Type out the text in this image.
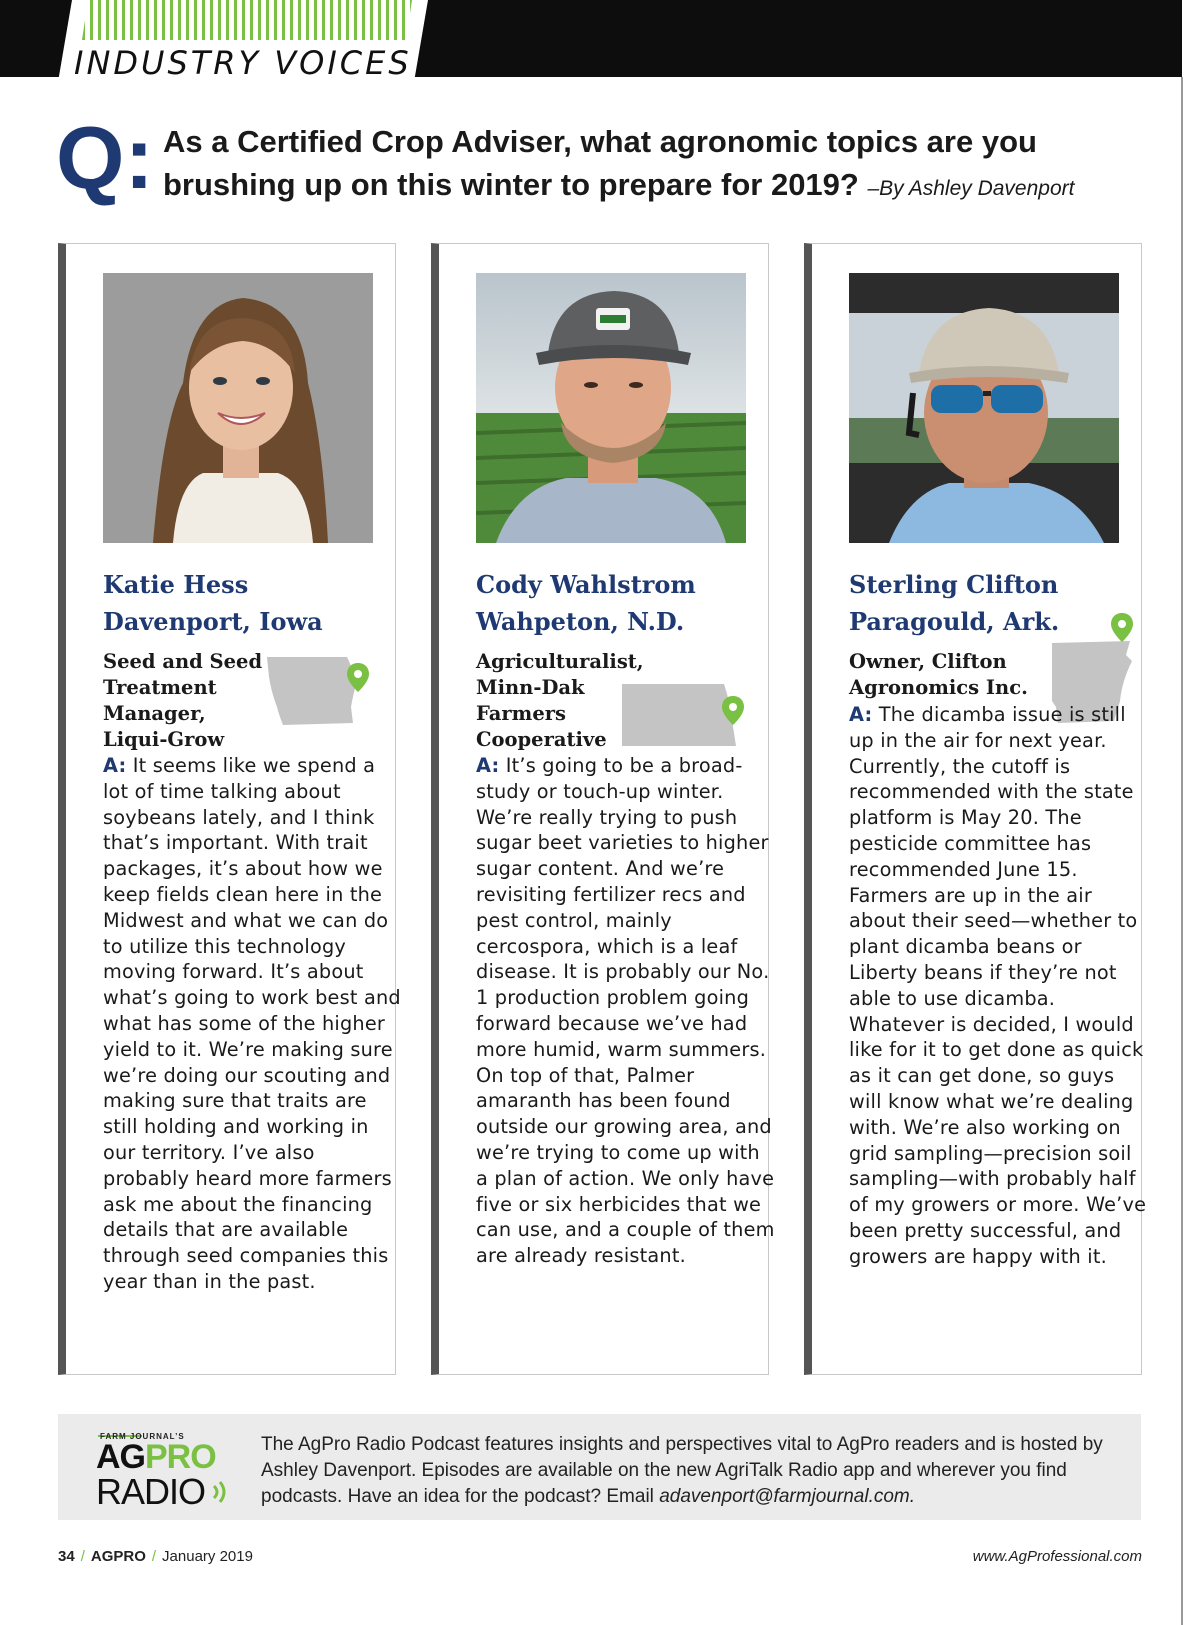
INDUSTRY VOICES
Q: As a Certified Crop Adviser, what agronomic topics are you brushing up on this winter to prepare for 2019? –By Ashley Davenport
Katie Hess
Davenport, Iowa
Seed and Seed
Treatment
Manager,
Liqui-Grow
A: It seems like we spend a lot of time talking about soybeans lately, and I think that’s important. With trait packages, it’s about how we keep fields clean here in the Midwest and what we can do to utilize this technology moving forward. It’s about what’s going to work best and what has some of the higher yield to it. We’re making sure we’re doing our scouting and making sure that traits are still holding and working in our territory. I’ve also probably heard more farmers ask me about the financing details that are available through seed companies this year than in the past.
Cody Wahlstrom
Wahpeton, N.D.
Agriculturalist,
Minn-Dak
Farmers
Cooperative
A: It’s going to be a broad-study or touch-up winter. We’re really trying to push sugar beet varieties to higher sugar content. And we’re revisiting fertilizer recs and pest control, mainly cercospora, which is a leaf disease. It is probably our No. 1 production problem going forward because we’ve had more humid, warm summers. On top of that, Palmer amaranth has been found outside our growing area, and we’re trying to come up with a plan of action. We only have five or six herbicides that we can use, and a couple of them are already resistant.
Sterling Clifton
Paragould, Ark.
Owner, Clifton
Agronomics Inc.
A: The dicamba issue is still up in the air for next year. Currently, the cutoff is recommended with the state platform is May 20. The pesticide committee has recommended June 15. Farmers are up in the air about their seed—whether to plant dicamba beans or Liberty beans if they’re not able to use dicamba. Whatever is decided, I would like for it to get done as quick as it can get done, so guys will know what we’re dealing with. We’re also working on grid sampling—precision soil sampling—with probably half of my growers or more. We’ve been pretty successful, and growers are happy with it.
FARM JOURNAL’S
AGPRO
RADIO
The AgPro Radio Podcast features insights and perspectives vital to AgPro readers and is hosted by Ashley Davenport. Episodes are available on the new AgriTalk Radio app and wherever you find podcasts. Have an idea for the podcast? Email adavenport@farmjournal.com.
34 / AGPRO / January 2019	www.AgProfessional.com
